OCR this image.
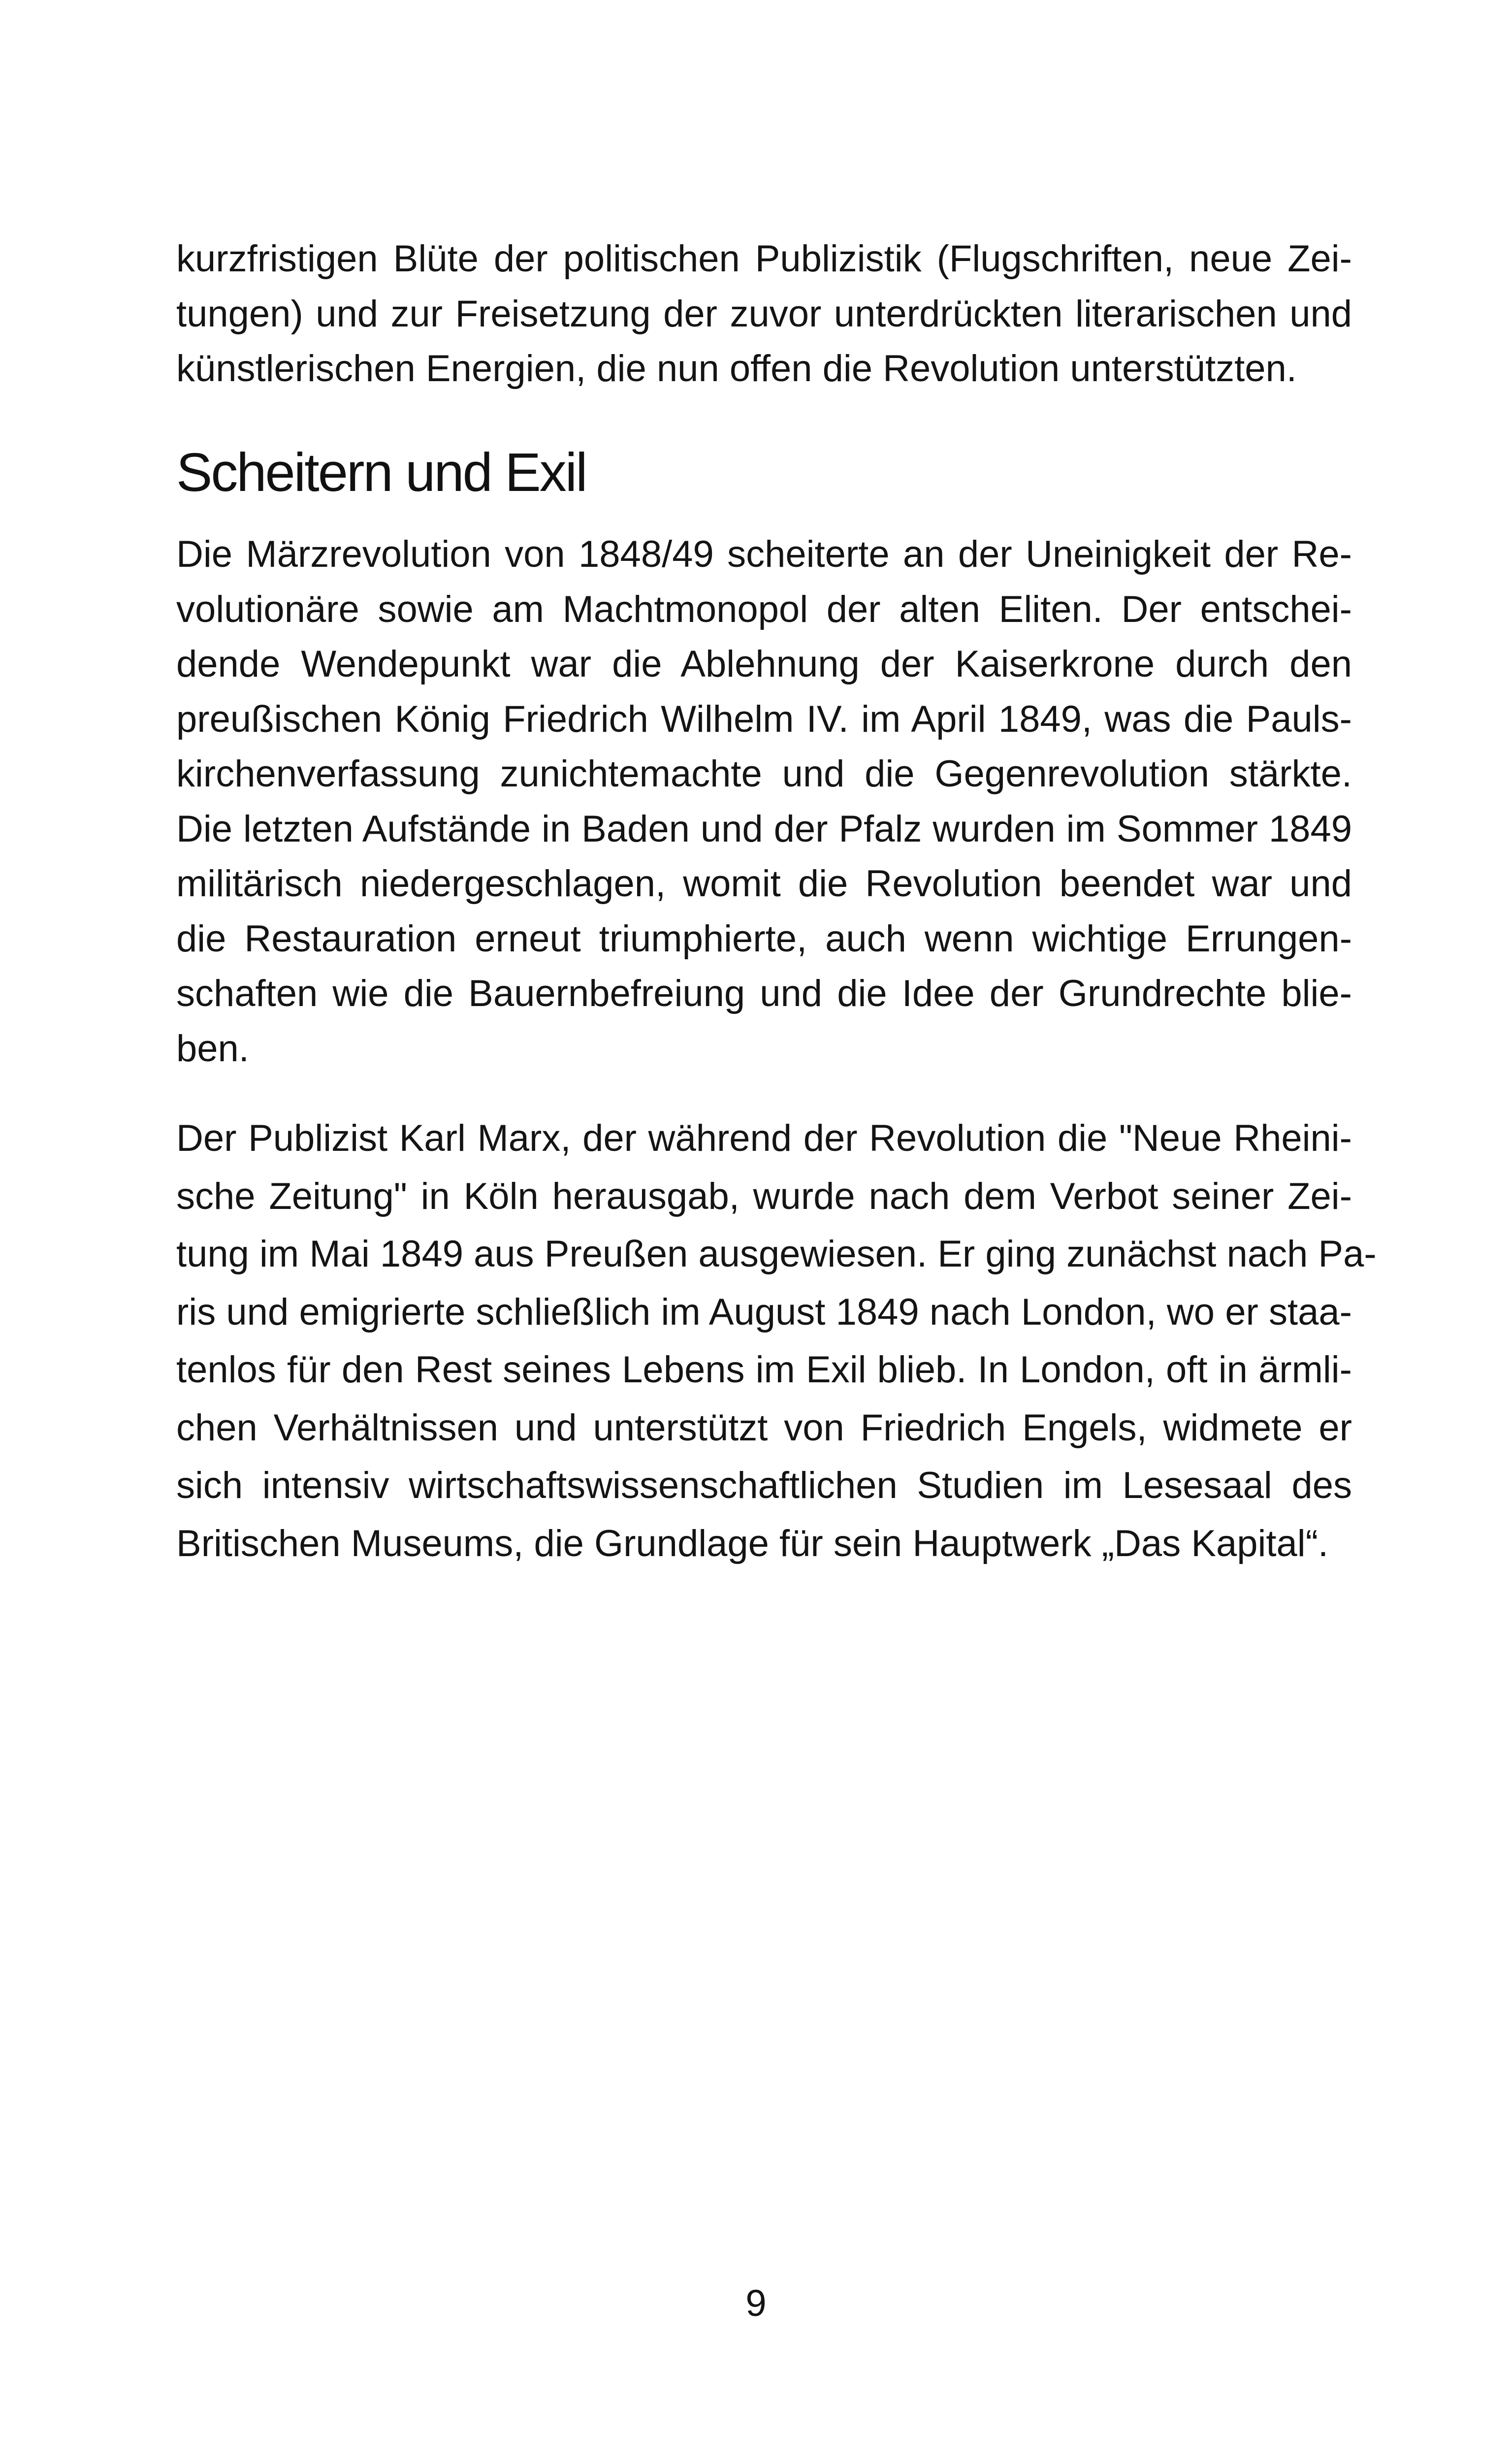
kurzfristigen Blüte der politischen Publizistik (Flugschriften, neue Zei-
tungen) und zur Freisetzung der zuvor unterdrückten literarischen und
künstlerischen Energien, die nun offen die Revolution unterstützten.
Scheitern und Exil
Die Märzrevolution von 1848/49 scheiterte an der Uneinigkeit der Re-
volutionäre sowie am Machtmonopol der alten Eliten. Der entschei-
dende Wendepunkt war die Ablehnung der Kaiserkrone durch den
preußischen König Friedrich Wilhelm IV. im April 1849, was die Pauls-
kirchenverfassung zunichtemachte und die Gegenrevolution stärkte.
Die letzten Aufstände in Baden und der Pfalz wurden im Sommer 1849
militärisch niedergeschlagen, womit die Revolution beendet war und
die Restauration erneut triumphierte, auch wenn wichtige Errungen-
schaften wie die Bauernbefreiung und die Idee der Grundrechte blie-
ben.
Der Publizist Karl Marx, der während der Revolution die "Neue Rheini-
sche Zeitung" in Köln herausgab, wurde nach dem Verbot seiner Zei-
tung im Mai 1849 aus Preußen ausgewiesen. Er ging zunächst nach Pa-
ris und emigrierte schließlich im August 1849 nach London, wo er staa-
tenlos für den Rest seines Lebens im Exil blieb. In London, oft in ärmli-
chen Verhältnissen und unterstützt von Friedrich Engels, widmete er
sich intensiv wirtschaftswissenschaftlichen Studien im Lesesaal des
Britischen Museums, die Grundlage für sein Hauptwerk „Das Kapital“.
9
